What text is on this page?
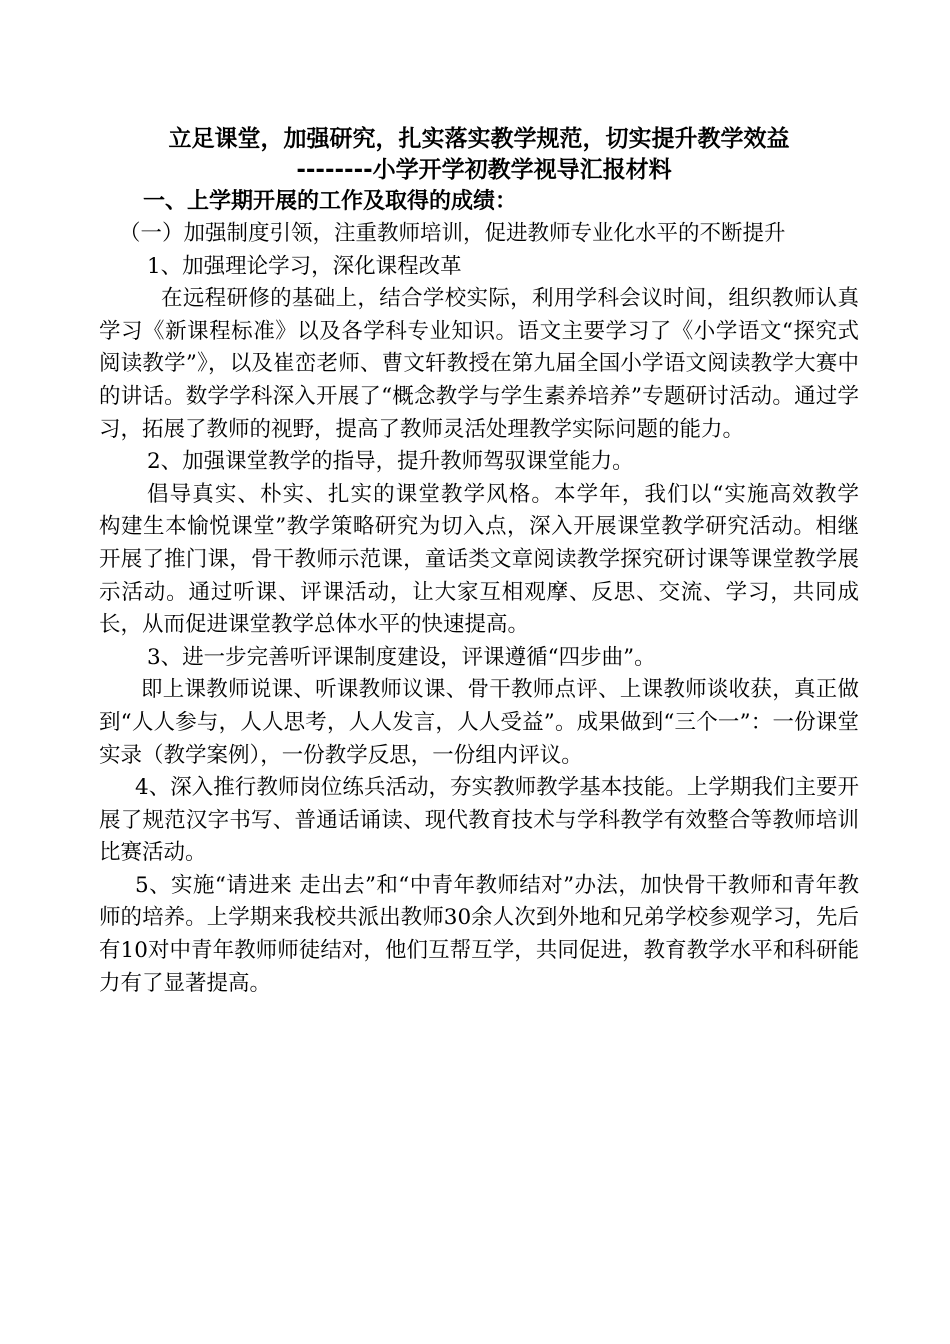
立足课堂，加强研究，扎实落实教学规范，切实提升教学效益
--------小学开学初教学视导汇报材料
一、上学期开展的工作及取得的成绩：

（一）加强制度引领，注重教师培训，促进教师专业化水平的不断提升

1、加强理论学习，深化课程改革

在远程研修的基础上，结合学校实际，利用学科会议时间，组织教师认真学习《新课程标准》以及各学科专业知识。语文主要学习了《小学语文“探究式阅读教学”》，以及崔峦老师、曹文轩教授在第九届全国小学语文阅读教学大赛中的讲话。数学学科深入开展了“概念教学与学生素养培养”专题研讨活动。通过学习，拓展了教师的视野，提高了教师灵活处理教学实际问题的能力。

2、加强课堂教学的指导，提升教师驾驭课堂能力。

倡导真实、朴实、扎实的课堂教学风格。本学年，我们以“实施高效教学　构建生本愉悦课堂”教学策略研究为切入点，深入开展课堂教学研究活动。相继开展了推门课，骨干教师示范课，童话类文章阅读教学探究研讨课等课堂教学展示活动。通过听课、评课活动，让大家互相观摩、反思、交流、学习，共同成长，从而促进课堂教学总体水平的快速提高。

3、进一步完善听评课制度建设，评课遵循“四步曲”。

即上课教师说课、听课教师议课、骨干教师点评、上课教师谈收获，真正做到“人人参与，人人思考，人人发言，人人受益”。成果做到“三个一”：一份课堂实录（教学案例），一份教学反思，一份组内评议。

4、深入推行教师岗位练兵活动，夯实教师教学基本技能。上学期我们主要开展了规范汉字书写、普通话诵读、现代教育技术与学科教学有效整合等教师培训比赛活动。

5、实施“请进来 走出去”和“中青年教师结对”办法，加快骨干教师和青年教师的培养。上学期来我校共派出教师30余人次到外地和兄弟学校参观学习，先后有10对中青年教师师徒结对，他们互帮互学，共同促进，教育教学水平和科研能力有了显著提高。
